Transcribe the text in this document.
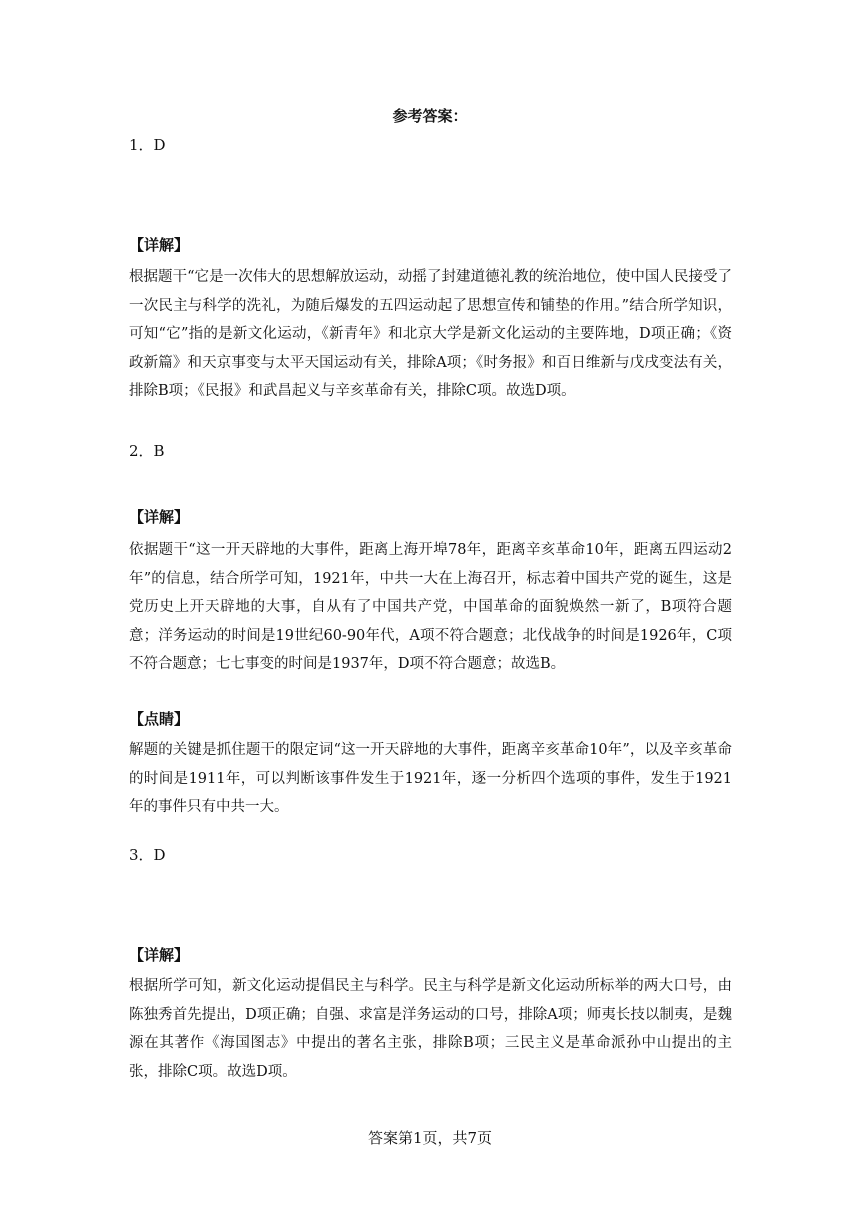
参考答案：
1．D
【详解】
根据题干“它是一次伟大的思想解放运动，动摇了封建道德礼教的统治地位，使中国人民接受了一次民主与科学的洗礼，为随后爆发的五四运动起了思想宣传和铺垫的作用。”结合所学知识，可知“它”指的是新文化运动，《新青年》和北京大学是新文化运动的主要阵地，D项正确；《资政新篇》和天京事变与太平天国运动有关，排除A项；《时务报》和百日维新与戊戌变法有关，排除B项；《民报》和武昌起义与辛亥革命有关，排除C项。故选D项。
2．B
【详解】
依据题干“这一开天辟地的大事件，距离上海开埠78年，距离辛亥革命10年，距离五四运动2年”的信息，结合所学可知，1921年，中共一大在上海召开，标志着中国共产党的诞生，这是党历史上开天辟地的大事，自从有了中国共产党，中国革命的面貌焕然一新了，B项符合题意；洋务运动的时间是19世纪60-90年代，A项不符合题意；北伐战争的时间是1926年，C项不符合题意；七七事变的时间是1937年，D项不符合题意；故选B。
【点睛】
解题的关键是抓住题干的限定词“这一开天辟地的大事件，距离辛亥革命10年”，以及辛亥革命的时间是1911年，可以判断该事件发生于1921年，逐一分析四个选项的事件，发生于1921年的事件只有中共一大。
3．D
【详解】
根据所学可知，新文化运动提倡民主与科学。民主与科学是新文化运动所标举的两大口号，由陈独秀首先提出，D项正确；自强、求富是洋务运动的口号，排除A项；师夷长技以制夷，是魏源在其著作《海国图志》中提出的著名主张，排除B项；三民主义是革命派孙中山提出的主张，排除C项。故选D项。
答案第1页，共7页
